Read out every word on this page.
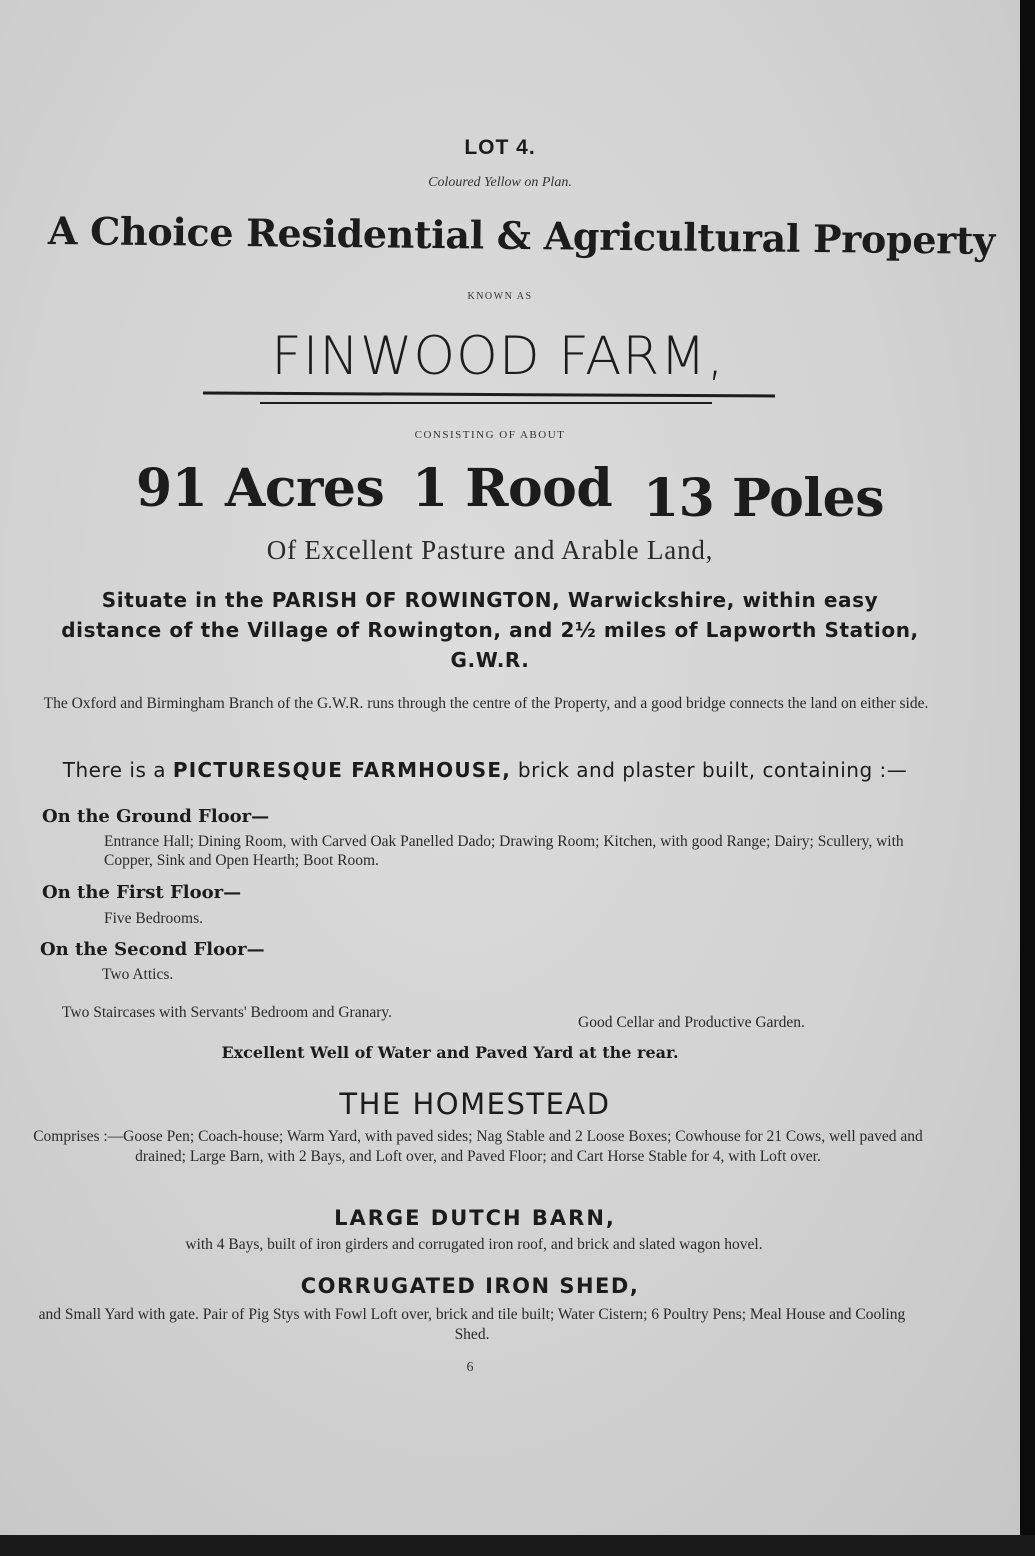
LOT 4.
Coloured Yellow on Plan.
A Choice Residential & Agricultural Property
KNOWN AS
FINWOOD FARM,
CONSISTING OF ABOUT
91 Acres 1 Rood 13 Poles
Of Excellent Pasture and Arable Land,
Situate in the PARISH OF ROWINGTON, Warwickshire, within easy distance of the Village of Rowington, and 2½ miles of Lapworth Station, G.W.R.
The Oxford and Birmingham Branch of the G.W.R. runs through the centre of the Property, and a good bridge connects the land on either side.
There is a PICTURESQUE FARMHOUSE, brick and plaster built, containing :—
On the Ground Floor—
Entrance Hall; Dining Room, with Carved Oak Panelled Dado; Drawing Room; Kitchen, with good Range; Dairy; Scullery, with Copper, Sink and Open Hearth; Boot Room.
On the First Floor—
Five Bedrooms.
On the Second Floor—
Two Attics.
Two Staircases with Servants' Bedroom and Granary.
Good Cellar and Productive Garden.
Excellent Well of Water and Paved Yard at the rear.
THE HOMESTEAD
Comprises :—Goose Pen; Coach-house; Warm Yard, with paved sides; Nag Stable and 2 Loose Boxes; Cowhouse for 21 Cows, well paved and drained; Large Barn, with 2 Bays, and Loft over, and Paved Floor; and Cart Horse Stable for 4, with Loft over.
LARGE DUTCH BARN,
with 4 Bays, built of iron girders and corrugated iron roof, and brick and slated wagon hovel.
CORRUGATED IRON SHED,
and Small Yard with gate. Pair of Pig Stys with Fowl Loft over, brick and tile built; Water Cistern; 6 Poultry Pens; Meal House and Cooling Shed.
6
